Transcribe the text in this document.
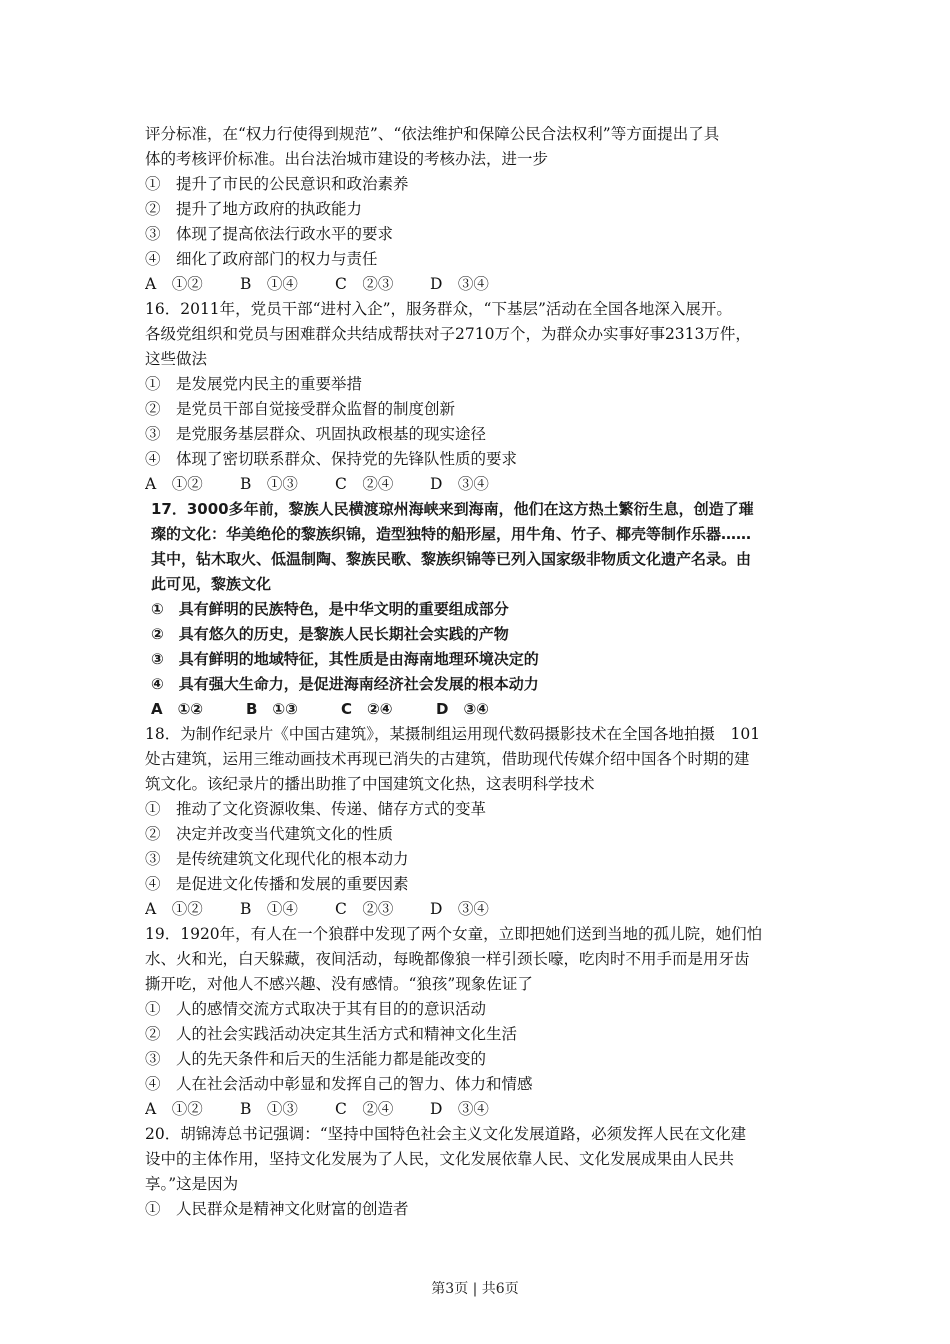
评分标准，在“权力行使得到规范”、“依法维护和保障公民合法权利”等方面提出了具
体的考核评价标准。出台法治城市建设的考核办法，进一步
①　提升了市民的公民意识和政治素养
②　提升了地方政府的执政能力
③　体现了提高依法行政水平的要求
④　细化了政府部门的权力与责任
A　①② B　①④ C　②③ D　③④
16．2011年，党员干部“进村入企”，服务群众，“下基层”活动在全国各地深入展开。
各级党组织和党员与困难群众共结成帮扶对子2710万个，为群众办实事好事2313万件，
这些做法
①　是发展党内民主的重要举措
②　是党员干部自觉接受群众监督的制度创新
③　是党服务基层群众、巩固执政根基的现实途径
④　体现了密切联系群众、保持党的先锋队性质的要求
A　①② B　①③ C　②④ D　③④
17．3000多年前，黎族人民横渡琼州海峡来到海南，他们在这方热土繁衍生息，创造了璀
璨的文化：华美绝伦的黎族织锦，造型独特的船形屋，用牛角、竹子、椰壳等制作乐器……
其中，钻木取火、低温制陶、黎族民歌、黎族织锦等已列入国家级非物质文化遗产名录。由
此可见，黎族文化
①　具有鲜明的民族特色，是中华文明的重要组成部分
②　具有悠久的历史，是黎族人民长期社会实践的产物
③　具有鲜明的地域特征，其性质是由海南地理环境决定的
④　具有强大生命力，是促进海南经济社会发展的根本动力
A　①②	B　①③	C　②④	D　③④
18．为制作纪录片《中国古建筑》，某摄制组运用现代数码摄影技术在全国各地拍摄　101
处古建筑，运用三维动画技术再现已消失的古建筑，借助现代传媒介绍中国各个时期的建
筑文化。该纪录片的播出助推了中国建筑文化热，这表明科学技术
①　推动了文化资源收集、传递、储存方式的变革
②　决定并改变当代建筑文化的性质
③　是传统建筑文化现代化的根本动力
④　是促进文化传播和发展的重要因素
A　①② B　①④ C　②③ D　③④
19．1920年，有人在一个狼群中发现了两个女童，立即把她们送到当地的孤儿院，她们怕
水、火和光，白天躲藏，夜间活动，每晚都像狼一样引颈长嚎，吃肉时不用手而是用牙齿
撕开吃，对他人不感兴趣、没有感情。“狼孩”现象佐证了
①　人的感情交流方式取决于其有目的的意识活动
②　人的社会实践活动决定其生活方式和精神文化生活
③　人的先天条件和后天的生活能力都是能改变的
④　人在社会活动中彰显和发挥自己的智力、体力和情感
A　①② B　①③ C　②④ D　③④
20．胡锦涛总书记强调：“坚持中国特色社会主义文化发展道路，必须发挥人民在文化建
设中的主体作用，坚持文化发展为了人民，文化发展依靠人民、文化发展成果由人民共
享。”这是因为
①　人民群众是精神文化财富的创造者
第3页 | 共6页
